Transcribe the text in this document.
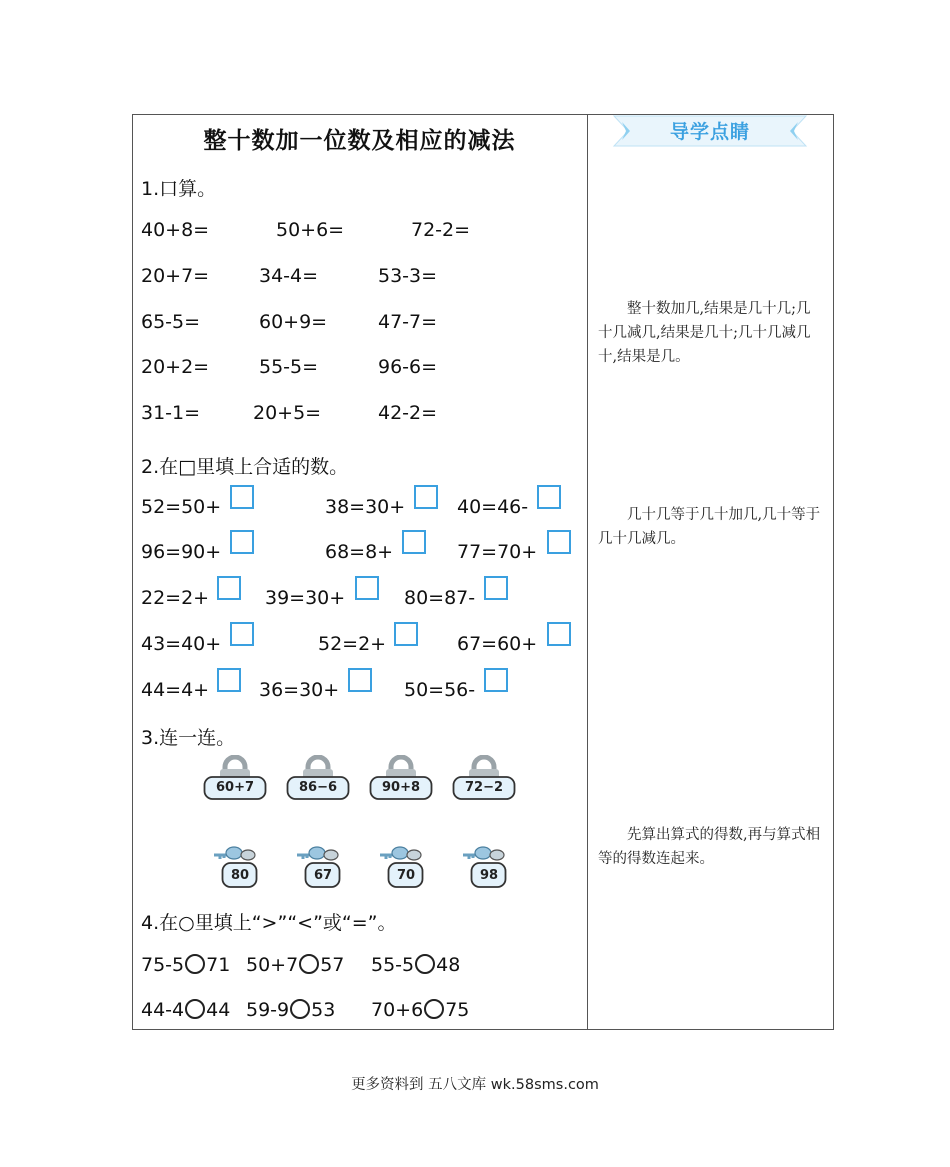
整十数加一位数及相应的减法	导学点睛
整十数加几,结果是几十几;几十几减几,结果是几十;几十几减几十,结果是几。
几十几等于几十加几,几十等于几十几减几。
先算出算式的得数,再与算式相等的得数连起来。
1.口算。
40+8=	50+6=	72-2=
20+7=	34-4=	53-3=
65-5=	60+9=	47-7=
20+2=	55-5=	96-6=
31-1=	20+5=	42-2=
2.在□里填上合适的数。
52=50+	38=30+	40=46-
96=90+	68=8+	77=70+
22=2+	39=30+	80=87-
43=40+	52=2+	67=60+
44=4+	36=30+	50=56-
3.连一连。
60+7	86−6	90+8	72−2
80	67	70	98
4.在○里填上“>”“<”或“=”。
75-5 71 50+7 57 55-5 48
44-4 44 59-9 53 70+6 75
更多资料到 五八文库 wk.58sms.com
